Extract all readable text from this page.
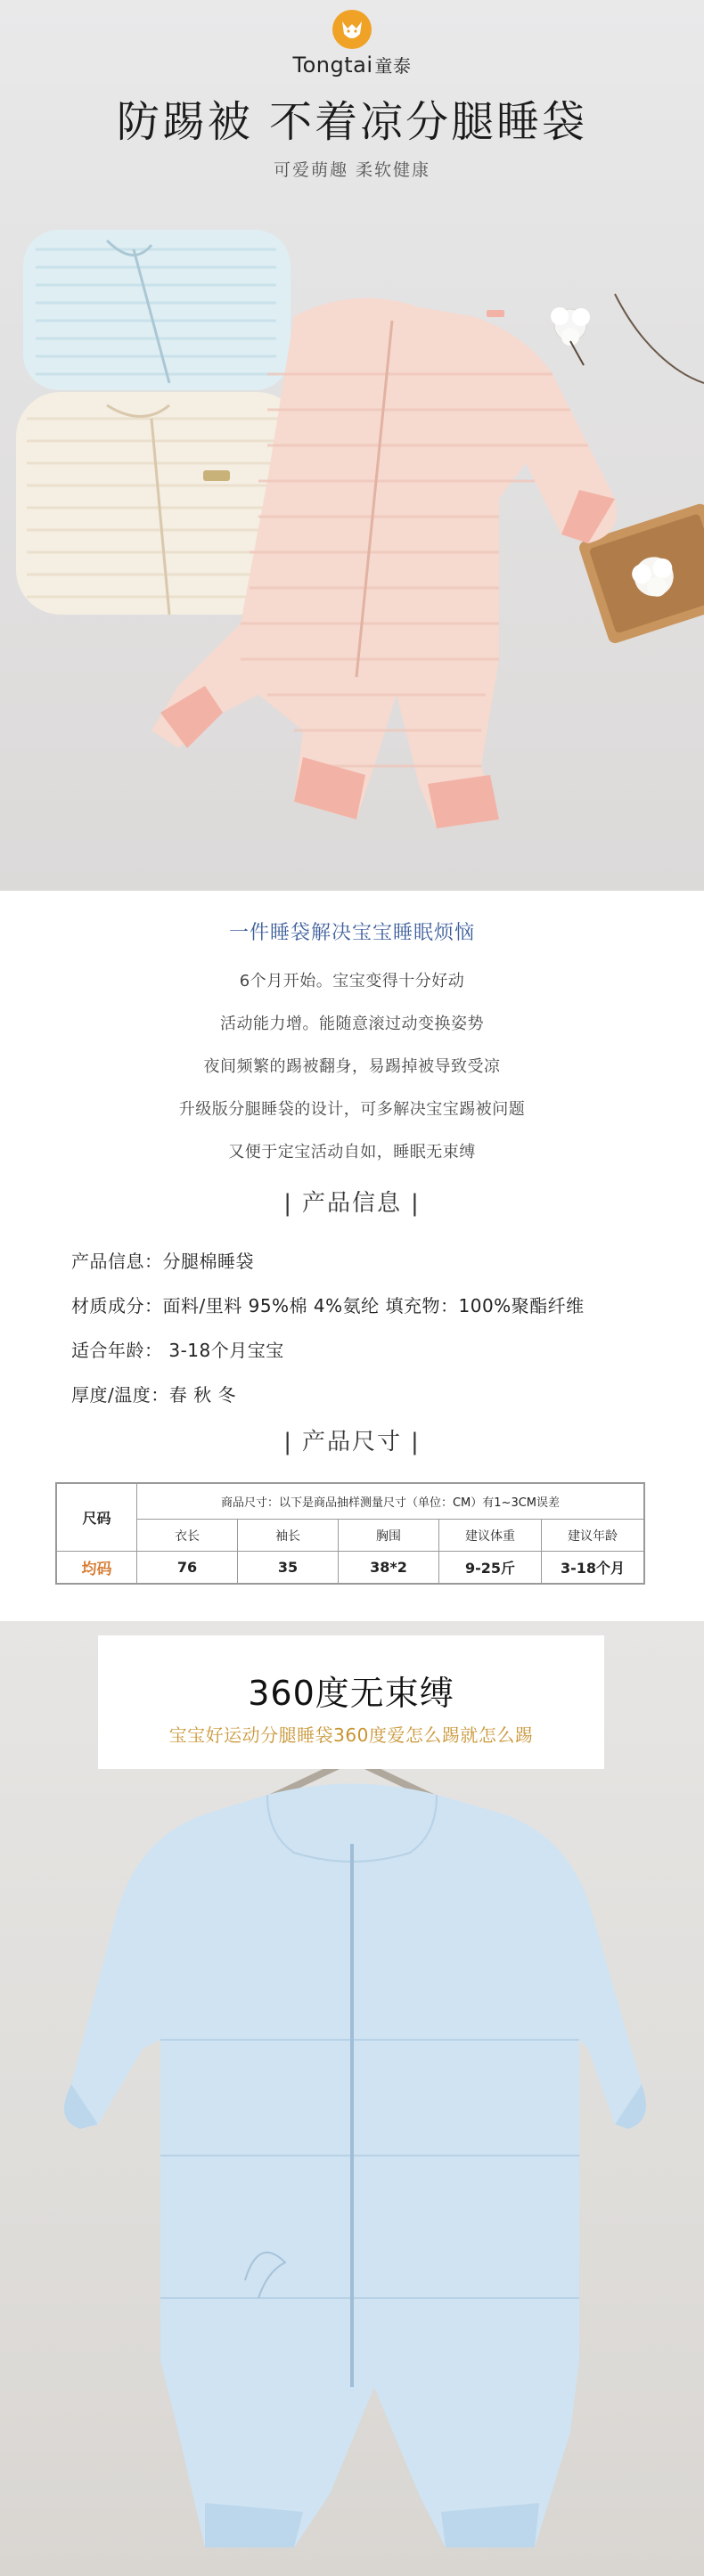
Tongtai 童泰
防踢被 不着凉分腿睡袋
可爱萌趣 柔软健康
一件睡袋解决宝宝睡眠烦恼
6个月开始。宝宝变得十分好动
活动能力增。能随意滚过动变换姿势
夜间频繁的踢被翻身，易踢掉被导致受凉
升级版分腿睡袋的设计，可多解决宝宝踢被问题
又便于定宝活动自如，睡眠无束缚
| 产品信息 |
产品信息：分腿棉睡袋
材质成分：面料/里料 95%棉 4%氨纶 填充物：100%聚酯纤维
适合年龄： 3-18个月宝宝
厚度/温度：春 秋 冬
| 产品尺寸 |
尺码
商品尺寸：以下是商品抽样测量尺寸（单位：CM）有1~3CM误差
衣长	袖长	胸围	建议体重	建议年龄
均码	76	35	38*2	9-25斤	3-18个月
360度无束缚
宝宝好运动分腿睡袋360度爱怎么踢就怎么踢
